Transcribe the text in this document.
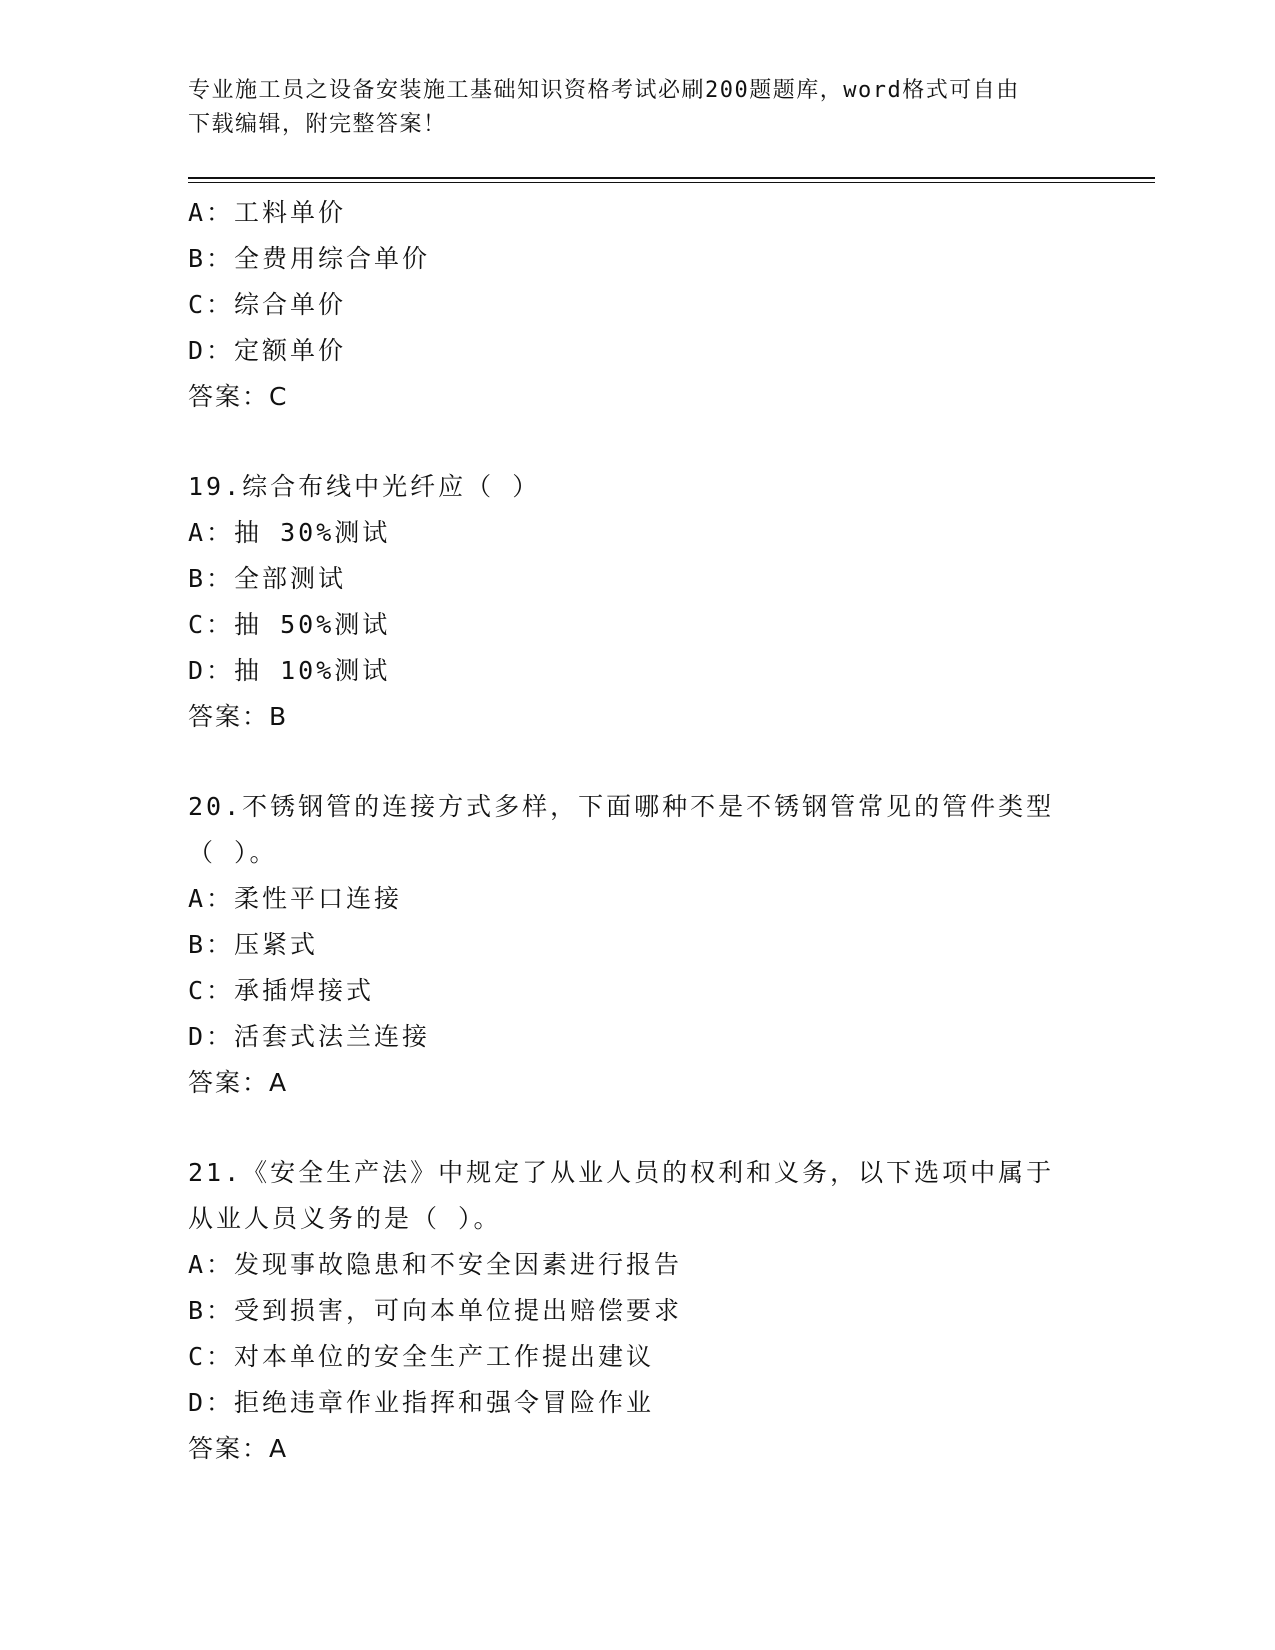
专业施工员之设备安装施工基础知识资格考试必刷200题题库，word格式可自由
下载编辑，附完整答案！
A：工料单价
B：全费用综合单价
C：综合单价
D：定额单价
答案：C
19.综合布线中光纤应（ ）
A：抽 30%测试
B：全部测试
C：抽 50%测试
D：抽 10%测试
答案：B
20.不锈钢管的连接方式多样，下面哪种不是不锈钢管常见的管件类型
（ ）。
A：柔性平口连接
B：压紧式
C：承插焊接式
D：活套式法兰连接
答案：A
21.《安全生产法》中规定了从业人员的权利和义务，以下选项中属于
从业人员义务的是（ ）。
A：发现事故隐患和不安全因素进行报告
B：受到损害，可向本单位提出赔偿要求
C：对本单位的安全生产工作提出建议
D：拒绝违章作业指挥和强令冒险作业
答案：A
